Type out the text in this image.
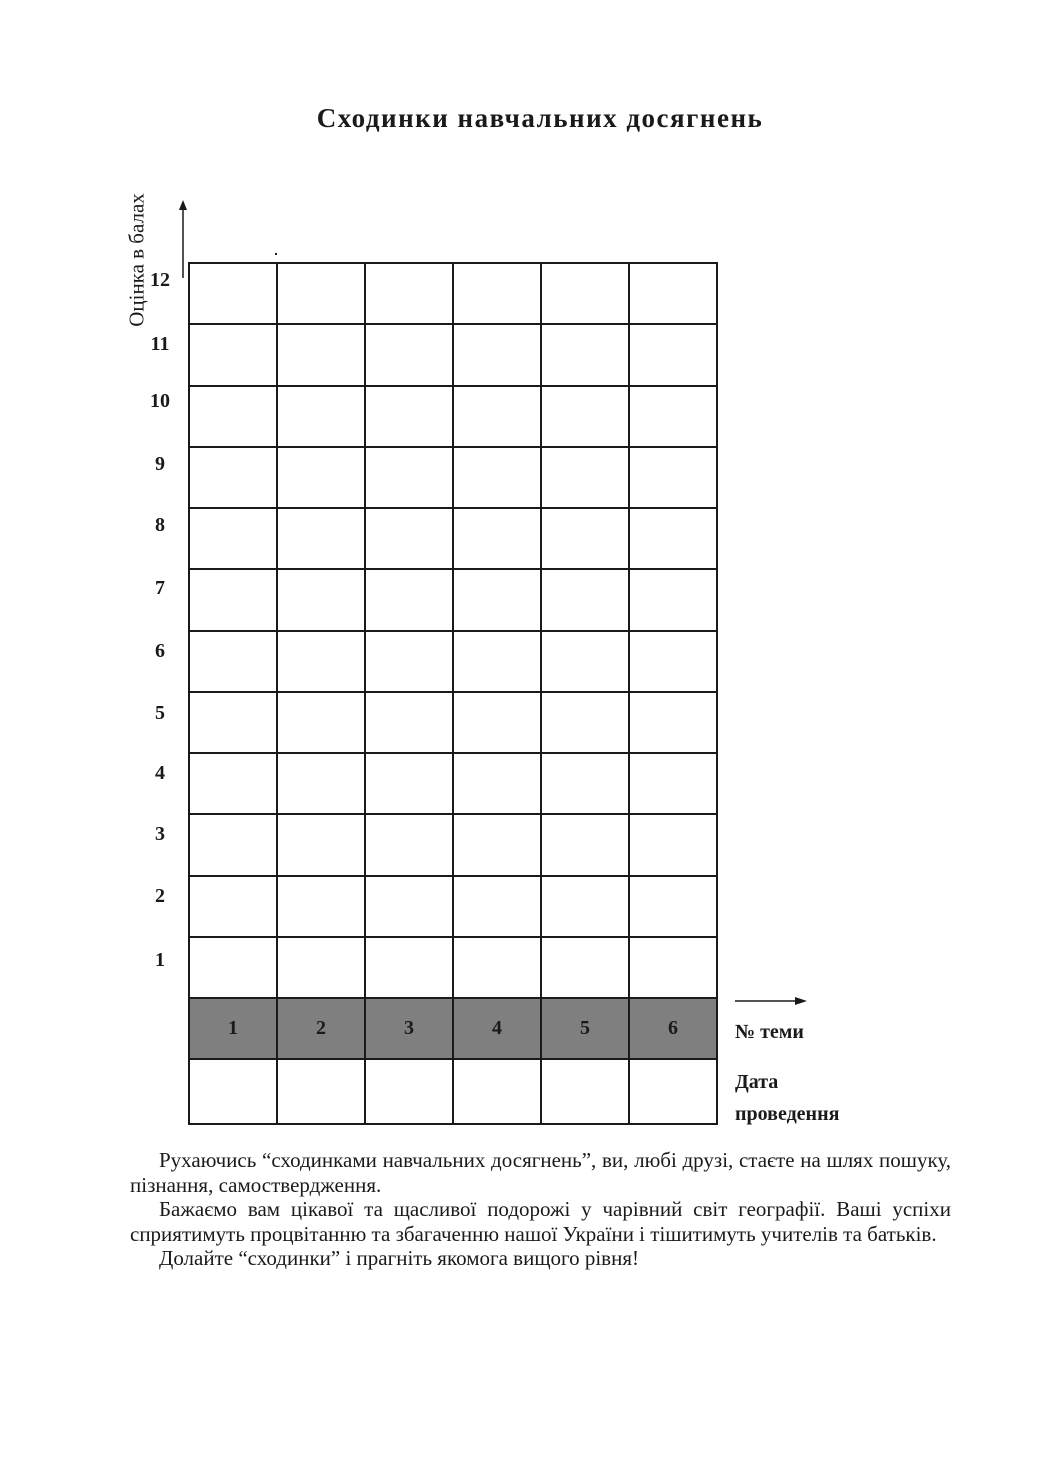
Сходинки навчальних досягнень
Оцінка в балах 12
11
10
9
8
7
6
5
4
3
2
1

1	2	3	4	5	6
						№ теми
Дата
проведення

Рухаючись “сходинками навчальних досягнень”, ви, любі друзі, стаєте на шлях пошуку, пізнання, самоствердження.

Бажаємо вам цікавої та щасливої подорожі у чарівний світ географії. Ваші успіхи сприятимуть процвітанню та збагаченню нашої України і тішитимуть учителів та батьків.

Долайте “сходинки” і прагніть якомога вищого рівня!
